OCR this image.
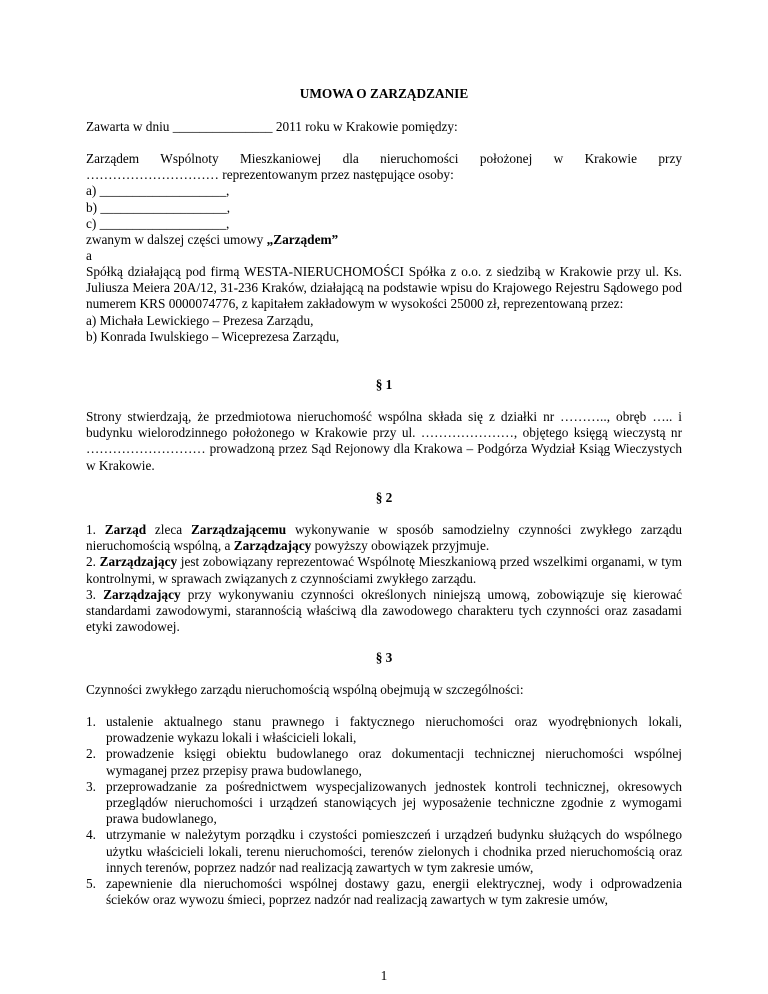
UMOWA O ZARZĄDZANIE
Zawarta w dniu _______________ 2011 roku w Krakowie pomiędzy:
Zarządem Wspólnoty Mieszkaniowej dla nieruchomości położonej w Krakowie przy
………………………… reprezentowanym przez następujące osoby:
a) ___________________,
b) ___________________,
c) ___________________,
zwanym w dalszej części umowy „Zarządem”
a
Spółką działającą pod firmą WESTA-NIERUCHOMOŚCI Spółka z o.o. z siedzibą w Krakowie przy ul. Ks. Juliusza Meiera 20A/12, 31-236 Kraków, działającą na podstawie wpisu do Krajowego Rejestru Sądowego pod numerem KRS 0000074776, z kapitałem zakładowym w wysokości 25000 zł, reprezentowaną przez:
a) Michała Lewickiego – Prezesa Zarządu,
b) Konrada Iwulskiego – Wiceprezesa Zarządu,
§ 1
Strony stwierdzają, że przedmiotowa nieruchomość wspólna składa się z działki nr ……….., obręb ….. i budynku wielorodzinnego położonego w Krakowie przy ul. …………………, objętego księgą wieczystą nr ……………………… prowadzoną przez Sąd Rejonowy dla Krakowa – Podgórza Wydział Ksiąg Wieczystych w Krakowie.
§ 2
1. Zarząd zleca Zarządzającemu wykonywanie w sposób samodzielny czynności zwykłego zarządu nieruchomością wspólną, a Zarządzający powyższy obowiązek przyjmuje.
2. Zarządzający jest zobowiązany reprezentować Wspólnotę Mieszkaniową przed wszelkimi organami, w tym kontrolnymi, w sprawach związanych z czynnościami zwykłego zarządu.
3. Zarządzający przy wykonywaniu czynności określonych niniejszą umową, zobowiązuje się kierować standardami zawodowymi, starannością właściwą dla zawodowego charakteru tych czynności oraz zasadami etyki zawodowej.
§ 3
Czynności zwykłego zarządu nieruchomością wspólną obejmują w szczególności:
1. ustalenie aktualnego stanu prawnego i faktycznego nieruchomości oraz wyodrębnionych lokali, prowadzenie wykazu lokali i właścicieli lokali,
2. prowadzenie księgi obiektu budowlanego oraz dokumentacji technicznej nieruchomości wspólnej wymaganej przez przepisy prawa budowlanego,
3. przeprowadzanie za pośrednictwem wyspecjalizowanych jednostek kontroli technicznej, okresowych przeglądów nieruchomości i urządzeń stanowiących jej wyposażenie techniczne zgodnie z wymogami prawa budowlanego,
4. utrzymanie w należytym porządku i czystości pomieszczeń i urządzeń budynku służących do wspólnego użytku właścicieli lokali, terenu nieruchomości, terenów zielonych i chodnika przed nieruchomością oraz innych terenów, poprzez nadzór nad realizacją zawartych w tym zakresie umów,
5. zapewnienie dla nieruchomości wspólnej dostawy gazu, energii elektrycznej, wody i odprowadzenia ścieków oraz wywozu śmieci, poprzez nadzór nad realizacją zawartych w tym zakresie umów,
1
